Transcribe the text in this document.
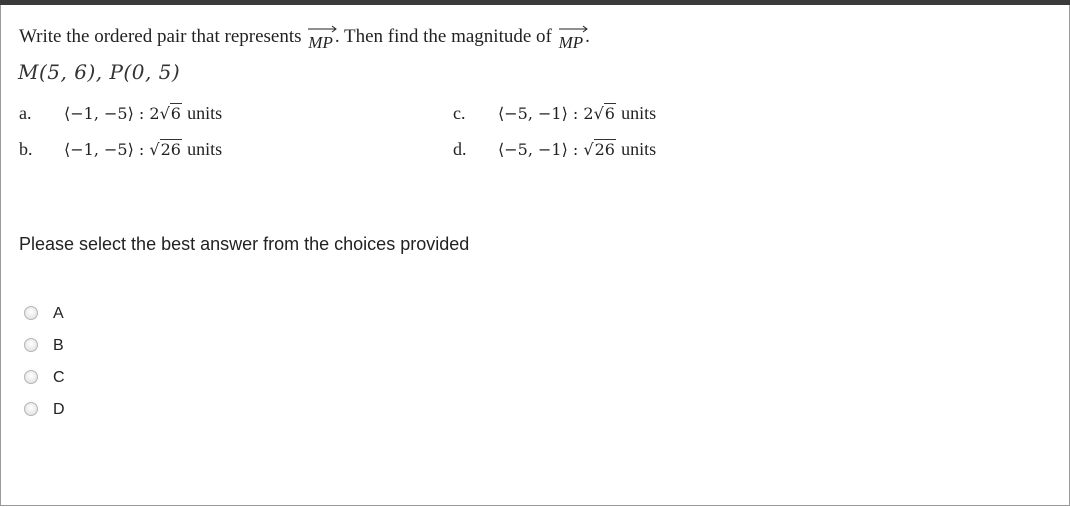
Write the ordered pair that represents MP . Then find the magnitude of MP .
M(5, 6), P(0, 5)
a. ⟨−1, −5⟩ : 2√6 units
b. ⟨−1, −5⟩ : √26 units
c. ⟨−5, −1⟩ : 2√6 units
d. ⟨−5, −1⟩ : √26 units
Please select the best answer from the choices provided
A
B
C
D
